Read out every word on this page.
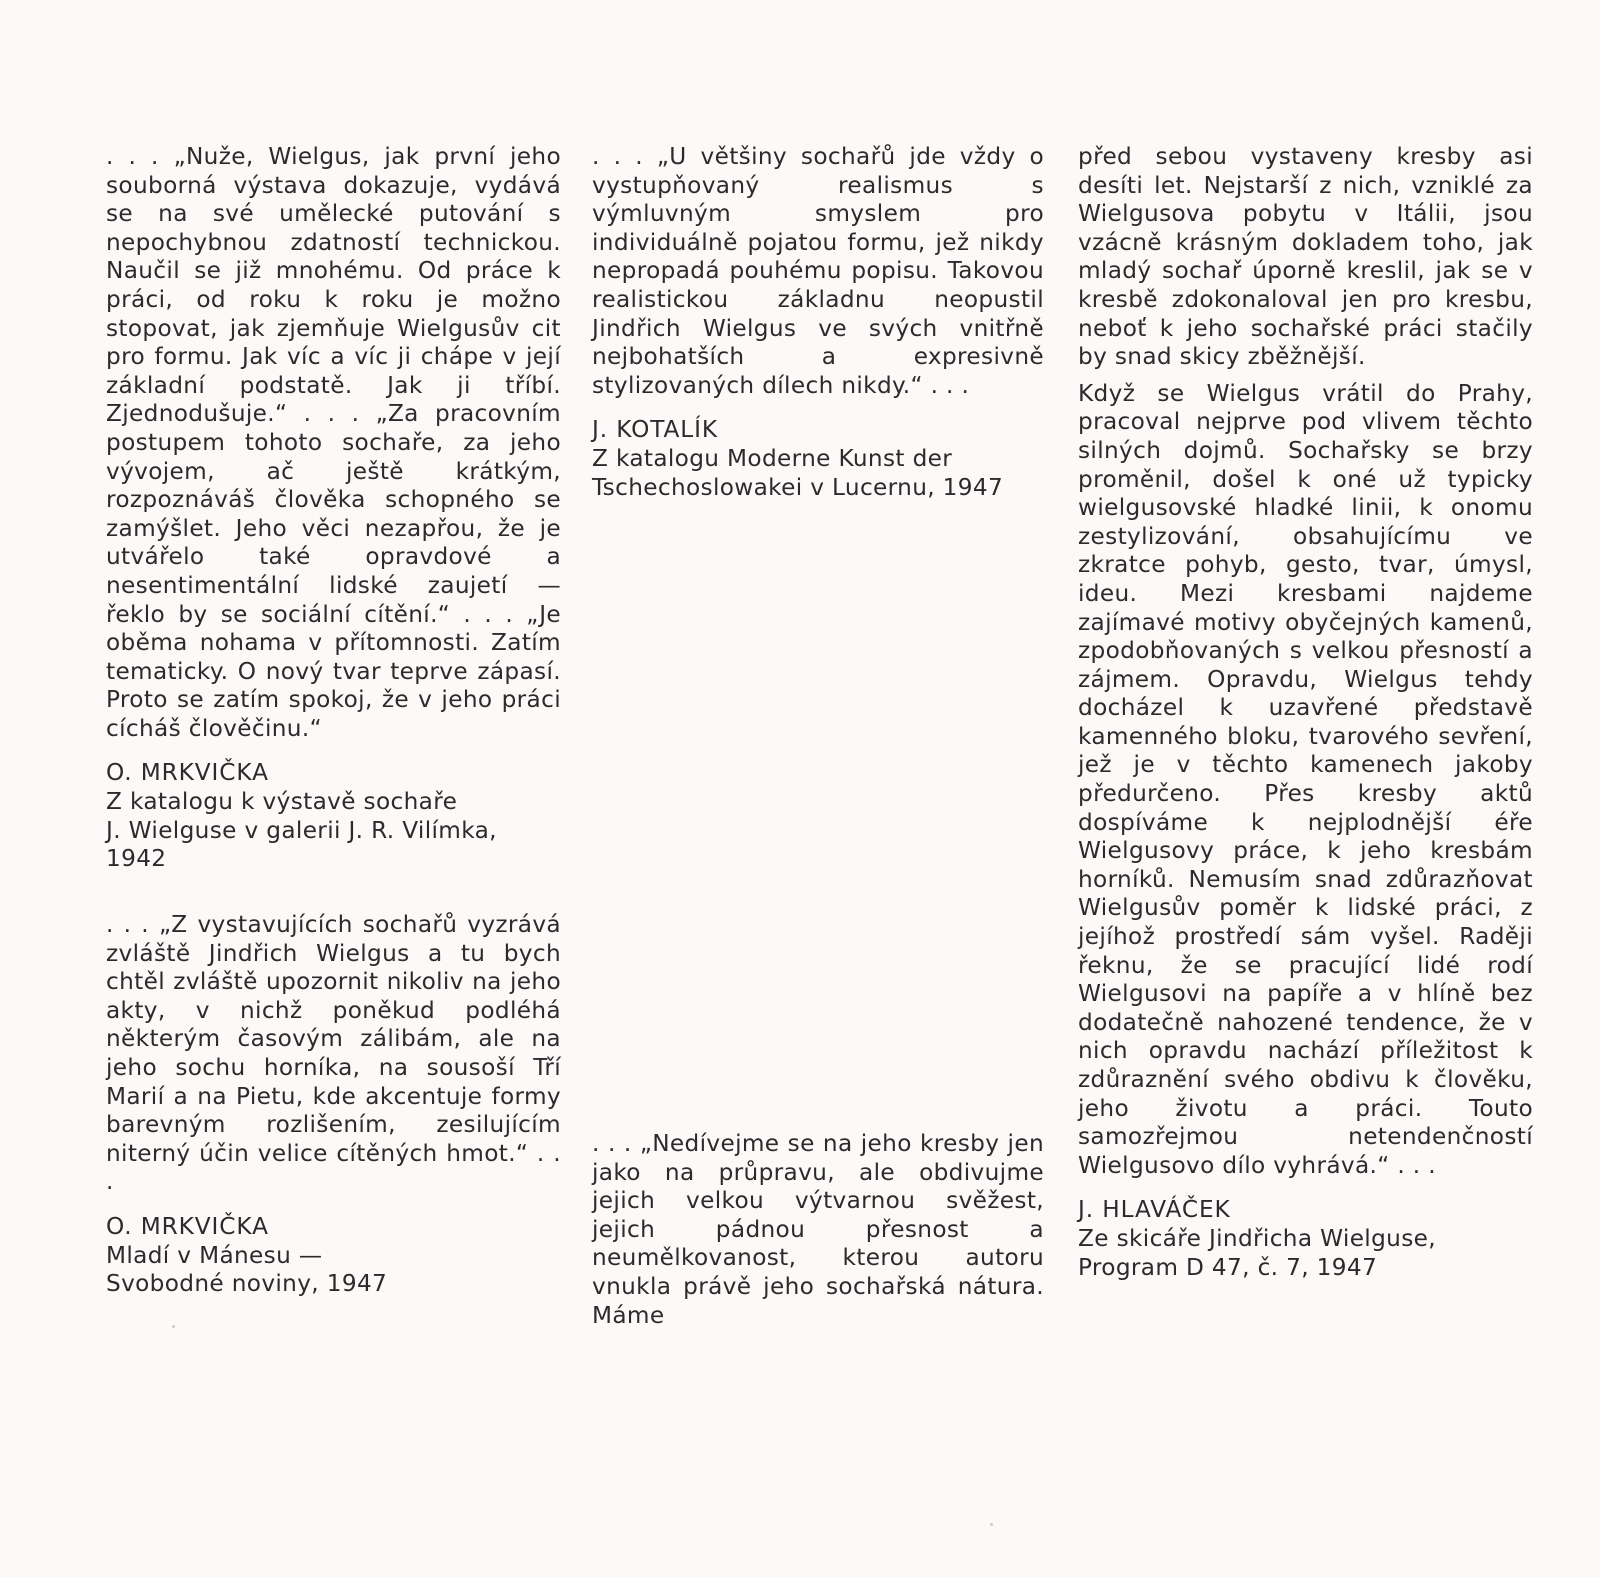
. . . „Nuže, Wielgus, jak první jeho souborná výstava dokazuje, vydává se na své umělecké putování s nepochybnou zdatností technickou. Naučil se již mnohému. Od práce k práci, od roku k roku je možno stopovat, jak zjemňuje Wielgusův cit pro formu. Jak víc a víc ji chápe v její základní podstatě. Jak ji tříbí. Zjednodušuje.“ . . . „Za pracovním postupem tohoto sochaře, za jeho vývojem, ač ještě krátkým, rozpoznáváš člověka schopného se zamýšlet. Jeho věci nezapřou, že je utvářelo také opravdové a nesentimentální lidské zaujetí — řeklo by se sociální cítění.“ . . . „Je oběma nohama v přítomnosti. Zatím tematicky. O nový tvar teprve zápasí. Proto se zatím spokoj, že v jeho práci cícháš člověčinu.“

O. MRKVIČKA
Z katalogu k výstavě sochaře
J. Wielguse v galerii J. R. Vilímka,
1942

. . . „Z vystavujících sochařů vyzrává zvláště Jindřich Wielgus a tu bych chtěl zvláště upozornit nikoliv na jeho akty, v nichž poněkud podléhá některým časovým zálibám, ale na jeho sochu horníka, na sousoší Tří Marií a na Pietu, kde akcentuje formy barevným rozlišením, zesilujícím niterný účin velice cítěných hmot.“ . . .

O. MRKVIČKA
Mladí v Mánesu —
Svobodné noviny, 1947

. . . „U většiny sochařů jde vždy o vystupňovaný realismus s výmluvným smyslem pro individuálně pojatou formu, jež nikdy nepropadá pouhému popisu. Takovou realistickou základnu neopustil Jindřich Wielgus ve svých vnitřně nejbohatších a expresivně stylizovaných dílech nikdy.“ . . .

J. KOTALÍK
Z katalogu Moderne Kunst der
Tschechoslowakei v Lucernu, 1947

. . . „Nedívejme se na jeho kresby jen jako na průpravu, ale obdivujme jejich velkou výtvarnou svěžest, jejich pádnou přesnost a neumělkovanost, kterou autoru vnukla právě jeho sochařská nátura. Máme

před sebou vystaveny kresby asi desíti let. Nejstarší z nich, vzniklé za Wielgusova pobytu v Itálii, jsou vzácně krásným dokladem toho, jak mladý sochař úporně kreslil, jak se v kresbě zdokonaloval jen pro kresbu, neboť k jeho sochařské práci stačily by snad skicy zběžnější.

Když se Wielgus vrátil do Prahy, pracoval nejprve pod vlivem těchto silných dojmů. Sochařsky se brzy proměnil, došel k oné už typicky wielgusovské hladké linii, k onomu zestylizování, obsahujícímu ve zkratce pohyb, gesto, tvar, úmysl, ideu. Mezi kresbami najdeme zajímavé motivy obyčejných kamenů, zpodobňovaných s velkou přesností a zájmem. Opravdu, Wielgus tehdy docházel k uzavřené představě kamenného bloku, tvarového sevření, jež je v těchto kamenech jakoby předurčeno. Přes kresby aktů dospíváme k nejplodnější éře Wielgusovy práce, k jeho kresbám horníků. Nemusím snad zdůrazňovat Wielgusův poměr k lidské práci, z jejíhož prostředí sám vyšel. Raději řeknu, že se pracující lidé rodí Wielgusovi na papíře a v hlíně bez dodatečně nahozené tendence, že v nich opravdu nachází příležitost k zdůraznění svého obdivu k člověku, jeho životu a práci. Touto samozřejmou netendenčností Wielgusovo dílo vyhrává.“ . . .

J. HLAVÁČEK
Ze skicáře Jindřicha Wielguse,
Program D 47, č. 7, 1947
